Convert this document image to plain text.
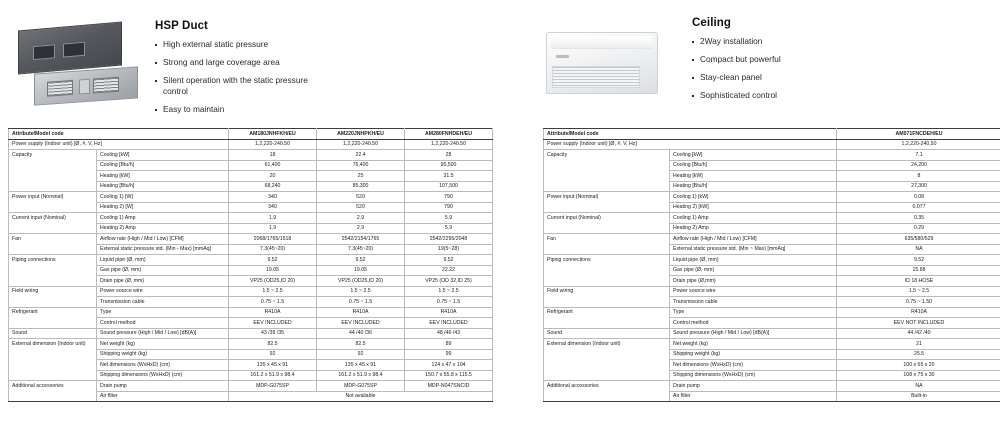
HSP Duct
High external static pressure
Strong and large coverage area
Silent operation with the static pressure control
Easy to maintain
Attribute/Model code		AM180JNHFKH/EU	AM220JNHPKH/EU	AM280FNHDEH/EU
Power supply (Indoor unit) [Ø, #, V, Hz]		1,2,220-240,50	1,2,220-240,50	1,2,220-240,50
Capacity	Cooling [kW]	18	22.4	28
	Cooling [Btu/h]	61,400	76,400	95,500
	Heating [kW]	20	25	31.5
	Heating [Btu/h]	68,240	85,300	107,500
Power input (Nominal)	Cooling 1) [W]	340	520	790
	Heating 2) [W]	340	520	790
Current input (Nominal)	Cooling 1) Amp	1.9	2.9	5.9
	Heating 2) Amp	1.9	2.9	5.9
Fan	Airflow rate (High / Mid / Low) [CFM]	2068/1765/1518	2542/2154/1765	2542/2295/2048
	External static pressure std. (Min - Max) [mmAq]	7.3(45~20)	7.3(45~20)	19(5~28)
Piping connections	Liquid pipe (Ø, mm)	9.52	9.52	9.52
	Gas pipe (Ø, mm)	19.05	19.05	22.22
	Drain pipe (Ø, mm)	VP25 (OD25,ID 20)	VP25 (OD25,ID 20)	VP25 (OD 32,ID 25)
Field wiring	Power source wire	1.5 ~ 2.5	1.5 ~ 2.5	1.5 ~ 2.5
	Transmission cable	0.75 ~ 1.5	0.75 ~ 1.5	0.75 ~ 1.5
Refrigerant	Type	R410A	R410A	R410A
	Control method	EEV INCLUDED	EEV INCLUDED	EEV INCLUDED
Sound	Sound pressure (High / Mid / Low) [dB(A)]	43 /39 /35	44 /40 /36	48 /46 /43
External dimension (Indoor unit)	Net weight (kg)	82.5	82.5	89
	Shipping weight (kg)	92	92	99
	Net dimensions (WxHxD) (cm)	135 x 45 x 91	135 x 45 x 91	124 x 47 x 104
	Shipping dimensions (WxHxD) (cm)	161.2 x 51.9 x 98.4	161.2 x 51.9 x 98.4	150.7 x 55.8 x 115.5
Additional accessories	Drain pump	MDP-G075SP	MDP-G075SP	MDP-N047SNCID
	Air filter	Not available		
Ceiling
2Way installation
Compact but powerful
Stay-clean panel
Sophisticated control
Attribute/Model code		AM071FNCDEH/EU
Power supply (Indoor unit) [Ø, #, V, Hz]		1,2,220-240,50
Capacity	Cooling [kW]	7.1
	Cooling [Btu/h]	24,200
	Heating [kW]	8
	Heating [Btu/h]	27,300
Power input (Nominal)	Cooling 1) [kW]	0.08
	Heating 2) [kW]	0.077
Current input (Nominal)	Cooling 1) Amp	0.35
	Heating 2) Amp	0.29
Fan	Airflow rate (High / Mid / Low) [CFM]	635/580/529
	External static pressure std. (Min ~ Max) [mmAq]	NA
Piping connections	Liquid pipe (Ø, mm)	9.52
	Gas pipe (Ø, mm)	15.88
	Drain pipe (Ø,mm)	ID 18 HOSE
Field wiring	Power source wire	1.5 ~ 2.5
	Transmission cable	0.75 ~ 1.50
Refrigerant	Type	R410A
	Control method	EEV NOT INCLUDED
Sound	Sound pressure (High / Mid / Low) [dB(A)]	44 /42 /40
External dimension (Indoor unit)	Net weight (kg)	21
	Shipping weight (kg)	25.5
	Net dimensions (WxHxD) (cm)	100 x 65 x 20
	Shipping dimensions (WxHxD) (cm)	108 x 75 x 30
Additional accessories	Drain pump	NA
	Air filter	Built-in
